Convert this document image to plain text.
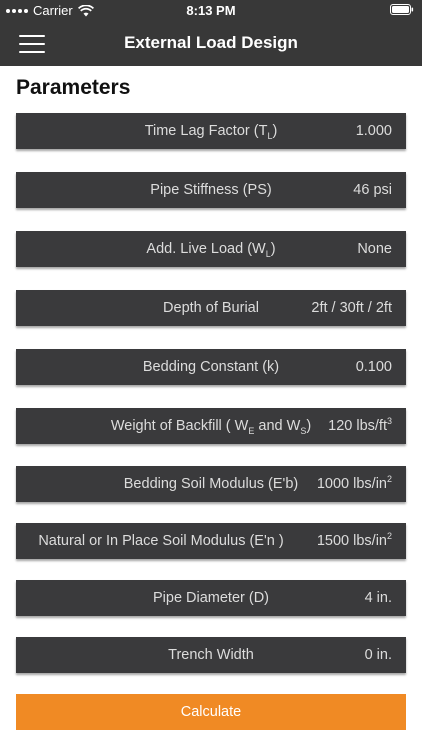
Carrier	8:13 PM
External Load Design
Parameters
Time Lag Factor $(T_L)$	1.000
Pipe Stiffness (PS)	46 psi
Add. Live Load $(W_L)$	None
Depth of Burial	2ft / 30ft / 2ft
Bedding Constant (k)	0.100
Weight of Backfill ( $W_E$ and $W_S$)	120 lbs/$ft^3$
Bedding Soil Modulus (E'b)	1000 lbs/$in^2$
Natural or In Place Soil Modulus (E'n )	1500 lbs/$in^2$
Pipe Diameter (D)	4 in.
Trench Width	0 in.
Calculate
